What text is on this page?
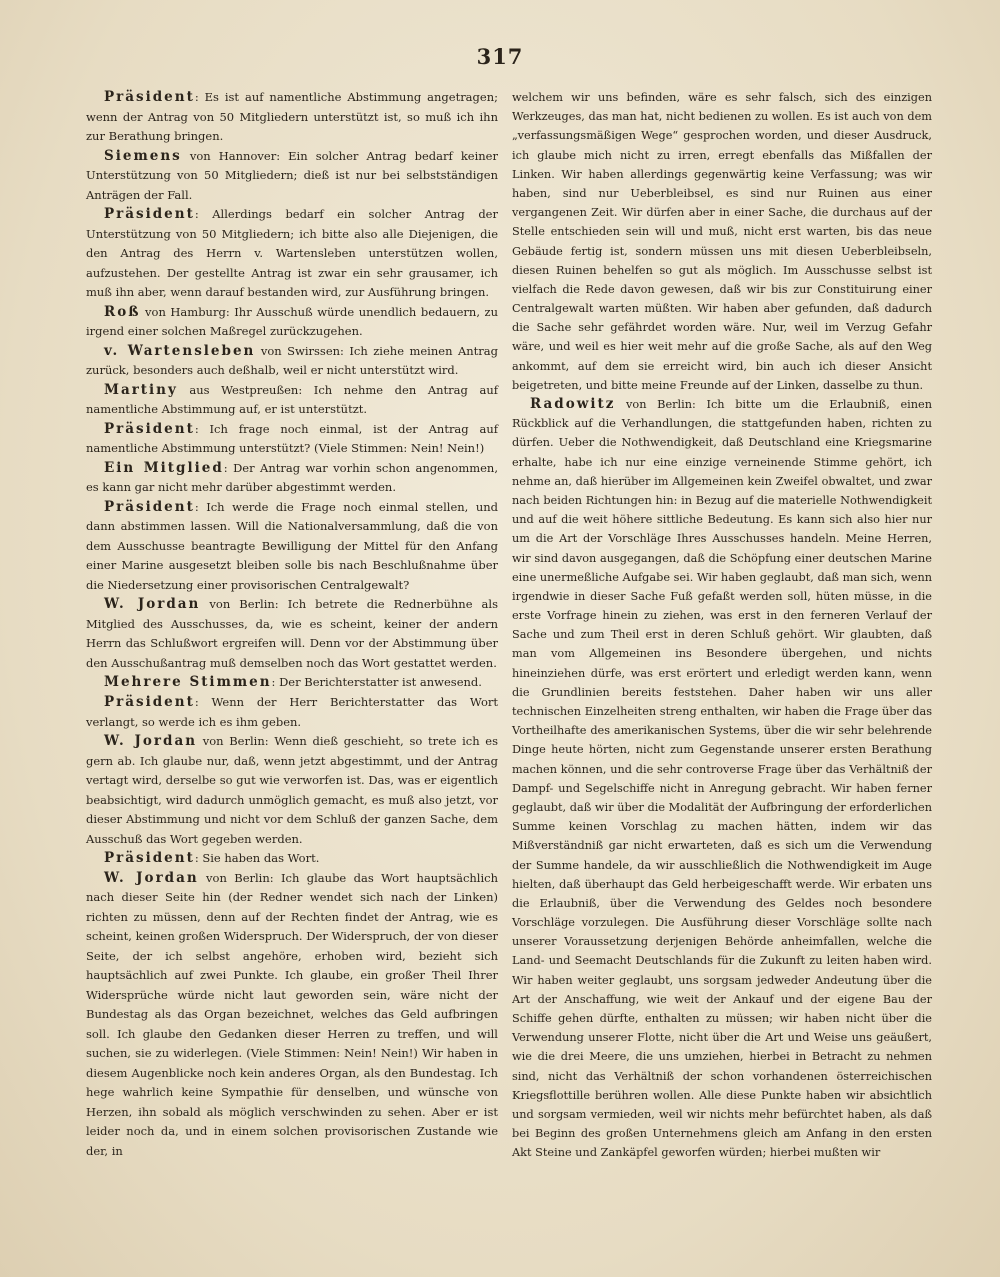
317

Präsident: Es ist auf namentliche Abstimmung angetragen; wenn der Antrag von 50 Mitgliedern unterstützt ist, so muß ich ihn zur Berathung bringen.

Siemens von Hannover: Ein solcher Antrag bedarf keiner Unterstützung von 50 Mitgliedern; dieß ist nur bei selbstständigen Anträgen der Fall.

Präsident: Allerdings bedarf ein solcher Antrag der Unterstützung von 50 Mitgliedern; ich bitte also alle Diejenigen, die den Antrag des Herrn v. Wartensleben unterstützen wollen, aufzustehen. Der gestellte Antrag ist zwar ein sehr grausamer, ich muß ihn aber, wenn darauf bestanden wird, zur Ausführung bringen.

Roß von Hamburg: Ihr Ausschuß würde unendlich bedauern, zu irgend einer solchen Maßregel zurückzugehen.

v. Wartensleben von Swirssen: Ich ziehe meinen Antrag zurück, besonders auch deßhalb, weil er nicht unterstützt wird.

Martiny aus Westpreußen: Ich nehme den Antrag auf namentliche Abstimmung auf, er ist unterstützt.

Präsident: Ich frage noch einmal, ist der Antrag auf namentliche Abstimmung unterstützt? (Viele Stimmen: Nein! Nein!)

Ein Mitglied: Der Antrag war vorhin schon angenommen, es kann gar nicht mehr darüber abgestimmt werden.

Präsident: Ich werde die Frage noch einmal stellen, und dann abstimmen lassen. Will die Nationalversammlung, daß die von dem Ausschusse beantragte Bewilligung der Mittel für den Anfang einer Marine ausgesetzt bleiben solle bis nach Beschlußnahme über die Niedersetzung einer provisorischen Centralgewalt?

W. Jordan von Berlin: Ich betrete die Rednerbühne als Mitglied des Ausschusses, da, wie es scheint, keiner der andern Herrn das Schlußwort ergreifen will. Denn vor der Abstimmung über den Ausschußantrag muß demselben noch das Wort gestattet werden.

Mehrere Stimmen: Der Berichterstatter ist anwesend.

Präsident: Wenn der Herr Berichterstatter das Wort verlangt, so werde ich es ihm geben.

W. Jordan von Berlin: Wenn dieß geschieht, so trete ich es gern ab. Ich glaube nur, daß, wenn jetzt abgestimmt, und der Antrag vertagt wird, derselbe so gut wie verworfen ist. Das, was er eigentlich beabsichtigt, wird dadurch unmöglich gemacht, es muß also jetzt, vor dieser Abstimmung und nicht vor dem Schluß der ganzen Sache, dem Ausschuß das Wort gegeben werden.

Präsident: Sie haben das Wort.

W. Jordan von Berlin: Ich glaube das Wort hauptsächlich nach dieser Seite hin (der Redner wendet sich nach der Linken) richten zu müssen, denn auf der Rechten findet der Antrag, wie es scheint, keinen großen Widerspruch. Der Widerspruch, der von dieser Seite, der ich selbst angehöre, erhoben wird, bezieht sich hauptsächlich auf zwei Punkte. Ich glaube, ein großer Theil Ihrer Widersprüche würde nicht laut geworden sein, wäre nicht der Bundestag als das Organ bezeichnet, welches das Geld aufbringen soll. Ich glaube den Gedanken dieser Herren zu treffen, und will suchen, sie zu widerlegen. (Viele Stimmen: Nein! Nein!) Wir haben in diesem Augenblicke noch kein anderes Organ, als den Bundestag. Ich hege wahrlich keine Sympathie für denselben, und wünsche von Herzen, ihn sobald als möglich verschwinden zu sehen. Aber er ist leider noch da, und in einem solchen provisorischen Zustande wie der, in

welchem wir uns befinden, wäre es sehr falsch, sich des einzigen Werkzeuges, das man hat, nicht bedienen zu wollen. Es ist auch von dem „verfassungsmäßigen Wege“ gesprochen worden, und dieser Ausdruck, ich glaube mich nicht zu irren, erregt ebenfalls das Mißfallen der Linken. Wir haben allerdings gegenwärtig keine Verfassung; was wir haben, sind nur Ueberbleibsel, es sind nur Ruinen aus einer vergangenen Zeit. Wir dürfen aber in einer Sache, die durchaus auf der Stelle entschieden sein will und muß, nicht erst warten, bis das neue Gebäude fertig ist, sondern müssen uns mit diesen Ueberbleibseln, diesen Ruinen behelfen so gut als möglich. Im Ausschusse selbst ist vielfach die Rede davon gewesen, daß wir bis zur Constituirung einer Centralgewalt warten müßten. Wir haben aber gefunden, daß dadurch die Sache sehr gefährdet worden wäre. Nur, weil im Verzug Gefahr wäre, und weil es hier weit mehr auf die große Sache, als auf den Weg ankommt, auf dem sie erreicht wird, bin auch ich dieser Ansicht beigetreten, und bitte meine Freunde auf der Linken, dasselbe zu thun.

Radowitz von Berlin: Ich bitte um die Erlaubniß, einen Rückblick auf die Verhandlungen, die stattgefunden haben, richten zu dürfen. Ueber die Nothwendigkeit, daß Deutschland eine Kriegsmarine erhalte, habe ich nur eine einzige verneinende Stimme gehört, ich nehme an, daß hierüber im Allgemeinen kein Zweifel obwaltet, und zwar nach beiden Richtungen hin: in Bezug auf die materielle Nothwendigkeit und auf die weit höhere sittliche Bedeutung. Es kann sich also hier nur um die Art der Vorschläge Ihres Ausschusses handeln. Meine Herren, wir sind davon ausgegangen, daß die Schöpfung einer deutschen Marine eine unermeßliche Aufgabe sei. Wir haben geglaubt, daß man sich, wenn irgendwie in dieser Sache Fuß gefaßt werden soll, hüten müsse, in die erste Vorfrage hinein zu ziehen, was erst in den ferneren Verlauf der Sache und zum Theil erst in deren Schluß gehört. Wir glaubten, daß man vom Allgemeinen ins Besondere übergehen, und nichts hineinziehen dürfe, was erst erörtert und erledigt werden kann, wenn die Grundlinien bereits feststehen. Daher haben wir uns aller technischen Einzelheiten streng enthalten, wir haben die Frage über das Vortheilhafte des amerikanischen Systems, über die wir sehr belehrende Dinge heute hörten, nicht zum Gegenstande unserer ersten Berathung machen können, und die sehr controverse Frage über das Verhältniß der Dampf- und Segelschiffe nicht in Anregung gebracht. Wir haben ferner geglaubt, daß wir über die Modalität der Aufbringung der erforderlichen Summe keinen Vorschlag zu machen hätten, indem wir das Mißverständniß gar nicht erwarteten, daß es sich um die Verwendung der Summe handele, da wir ausschließlich die Nothwendigkeit im Auge hielten, daß überhaupt das Geld herbeigeschafft werde. Wir erbaten uns die Erlaubniß, über die Verwendung des Geldes noch besondere Vorschläge vorzulegen. Die Ausführung dieser Vorschläge sollte nach unserer Voraussetzung derjenigen Behörde anheimfallen, welche die Land- und Seemacht Deutschlands für die Zukunft zu leiten haben wird. Wir haben weiter geglaubt, uns sorgsam jedweder Andeutung über die Art der Anschaffung, wie weit der Ankauf und der eigene Bau der Schiffe gehen dürfte, enthalten zu müssen; wir haben nicht über die Verwendung unserer Flotte, nicht über die Art und Weise uns geäußert, wie die drei Meere, die uns umziehen, hierbei in Betracht zu nehmen sind, nicht das Verhältniß der schon vorhandenen österreichischen Kriegsflottille berühren wollen. Alle diese Punkte haben wir absichtlich und sorgsam vermieden, weil wir nichts mehr befürchtet haben, als daß bei Beginn des großen Unternehmens gleich am Anfang in den ersten Akt Steine und Zankäpfel geworfen würden; hierbei mußten wir
